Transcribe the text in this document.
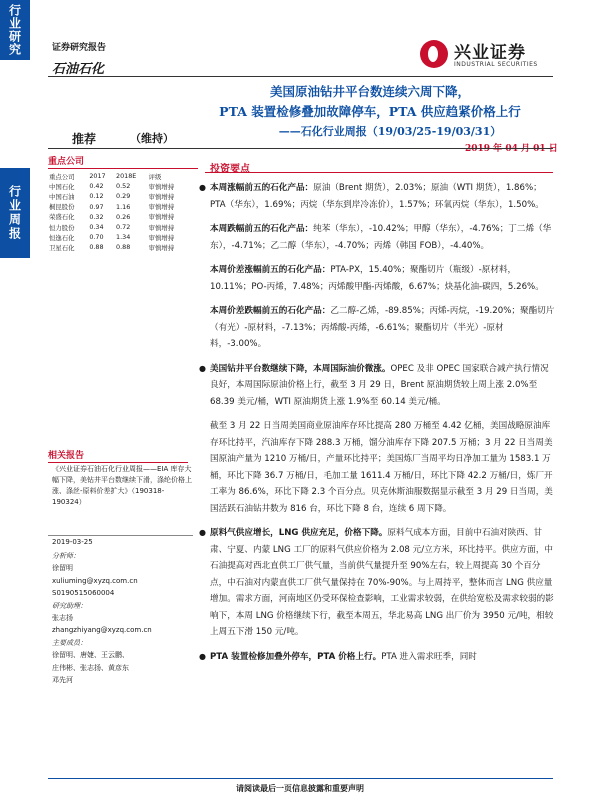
行业研究
行业周报
证券研究报告
石油石化
兴业证券
INDUSTRIAL SECURITIES
美国原油钻井平台数连续六周下降，
PTA 装置检修叠加故障停车，PTA 供应趋紧价格上行
——石化行业周报（19/03/25-19/03/31）
推荐	（维持）
2019 年 04 月 01 日
重点公司
重点公司	2017	2018E	评级
中国石化	0.42	0.52	审慎增持
中国石油	0.12	0.29	审慎增持
桐昆股份	0.97	1.16	审慎增持
荣盛石化	0.32	0.26	审慎增持
恒力股份	0.34	0.72	审慎增持
恒逸石化	0.70	1.34	审慎增持
卫星石化	0.88	0.88	审慎增持
相关报告
《兴业证券石油石化行业周报——EIA 库存大幅下降，美钻井平台数继续下滑，涤纶价格上涨、涤丝-原料价差扩大》（190318-190324）
2019-03-25
分析师：
徐留明
xuliuming@xyzq.com.cn
S0190515060004
研究助理：
张志扬
zhangzhiyang@xyzq.com.cn
主要成员：
徐留明、唐婕、王云鹏、
庄伟彬、张志扬、黄彦东
邓先河
投资要点
● 本周涨幅前五的石化产品：原油（Brent 期货），2.03%；原油（WTI 期货），1.86%；PTA（华东），1.69%；丙烷（华东到岸冷冻价），1.57%；环氧丙烷（华东），1.50%。
本周跌幅前五的石化产品：纯苯（华东），-10.42%；甲醇（华东），-4.76%；丁二烯（华东），-4.71%；乙二醇（华东），-4.70%；丙烯（韩国 FOB），-4.40%。
本周价差涨幅前五的石化产品：PTA-PX，15.40%；聚酯切片（瓶级）-原材料，10.11%；PO-丙烯，7.48%；丙烯酸甲酯-丙烯酸，6.67%；炔基化油-碳四，5.26%。
本周价差跌幅前五的石化产品：乙二醇-乙烯，-89.85%；丙烯-丙烷，-19.20%；聚酯切片（有光）-原材料，-7.13%；丙烯酸-丙烯，-6.61%；聚酯切片（半光）-原材料，-3.00%。
● 美国钻井平台数继续下降，本周国际油价微涨。OPEC 及非 OPEC 国家联合减产执行情况良好，本周国际原油价格上行，截至 3 月 29 日，Brent 原油期货较上周上涨 2.0%至 68.39 美元/桶，WTI 原油期货上涨 1.9%至 60.14 美元/桶。
截至 3 月 22 日当周美国商业原油库存环比提高 280 万桶至 4.42 亿桶，美国战略原油库存环比持平，汽油库存下降 288.3 万桶，馏分油库存下降 207.5 万桶；3 月 22 日当周美国原油产量为 1210 万桶/日，产量环比持平；美国炼厂当周平均日净加工量为 1583.1 万桶，环比下降 36.7 万桶/日，毛加工量 1611.4 万桶/日，环比下降 42.2 万桶/日，炼厂开工率为 86.6%，环比下降 2.3 个百分点。贝克休斯油服数据显示截至 3 月 29 日当周，美国活跃石油钻井数为 816 台，环比下降 8 台，连续 6 周下降。
● 原料气供应增长，LNG 供应充足，价格下降。原料气成本方面，目前中石油对陕西、甘肃、宁夏、内蒙 LNG 工厂的原料气供应价格为 2.08 元/立方米，环比持平。供应方面，中石油提高对西北直供工厂供气量，当前供气量提升至 90%左右，较上周提高 30 个百分点，中石油对内蒙直供工厂供气量保持在 70%-90%。与上周持平，整体而言 LNG 供应量增加。需求方面，河南地区仍受环保检查影响，工业需求较弱，在供给宽松及需求较弱的影响下，本周 LNG 价格继续下行，截至本周五，华北易高 LNG 出厂价为 3950 元/吨，相较上周五下滑 150 元/吨。
● PTA 装置检修加叠外停车，PTA 价格上行。PTA 进入需求旺季，同时
请阅读最后一页信息披露和重要声明
